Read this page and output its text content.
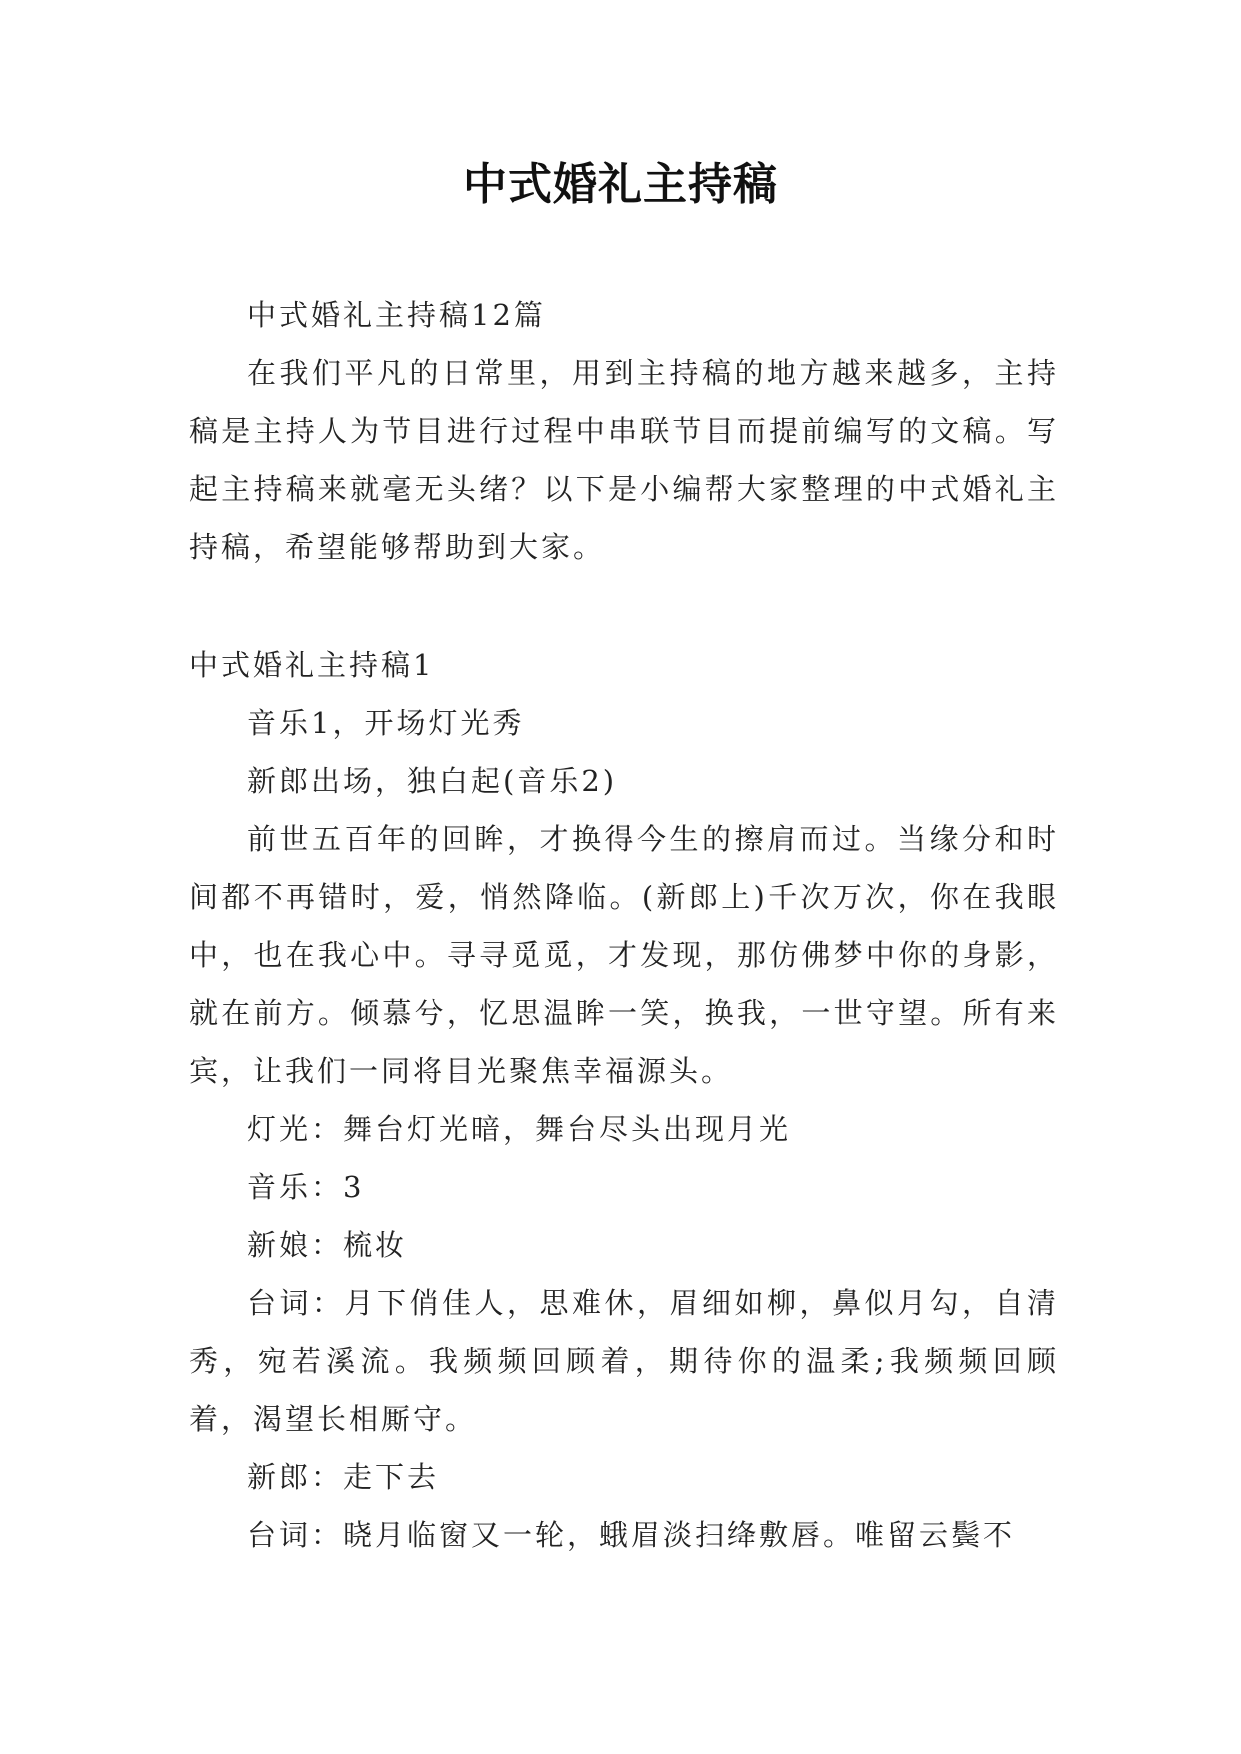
中式婚礼主持稿

中式婚礼主持稿12篇

在我们平凡的日常里，用到主持稿的地方越来越多，主持稿是主持人为节目进行过程中串联节目而提前编写的文稿。写起主持稿来就毫无头绪？以下是小编帮大家整理的中式婚礼主持稿，希望能够帮助到大家。

中式婚礼主持稿1

音乐1，开场灯光秀

新郎出场，独白起(音乐2)

前世五百年的回眸，才换得今生的擦肩而过。当缘分和时间都不再错时，爱，悄然降临。(新郎上)千次万次，你在我眼中，也在我心中。寻寻觅觅，才发现，那仿佛梦中你的身影，就在前方。倾慕兮，忆思温眸一笑，换我，一世守望。所有来宾，让我们一同将目光聚焦幸福源头。

灯光：舞台灯光暗，舞台尽头出现月光

音乐：3

新娘：梳妆

台词：月下俏佳人，思难休，眉细如柳，鼻似月勾，自清秀，宛若溪流。我频频回顾着，期待你的温柔;我频频回顾着，渴望长相厮守。

新郎：走下去

台词：晓月临窗又一轮，蛾眉淡扫绛敷唇。唯留云鬓不
